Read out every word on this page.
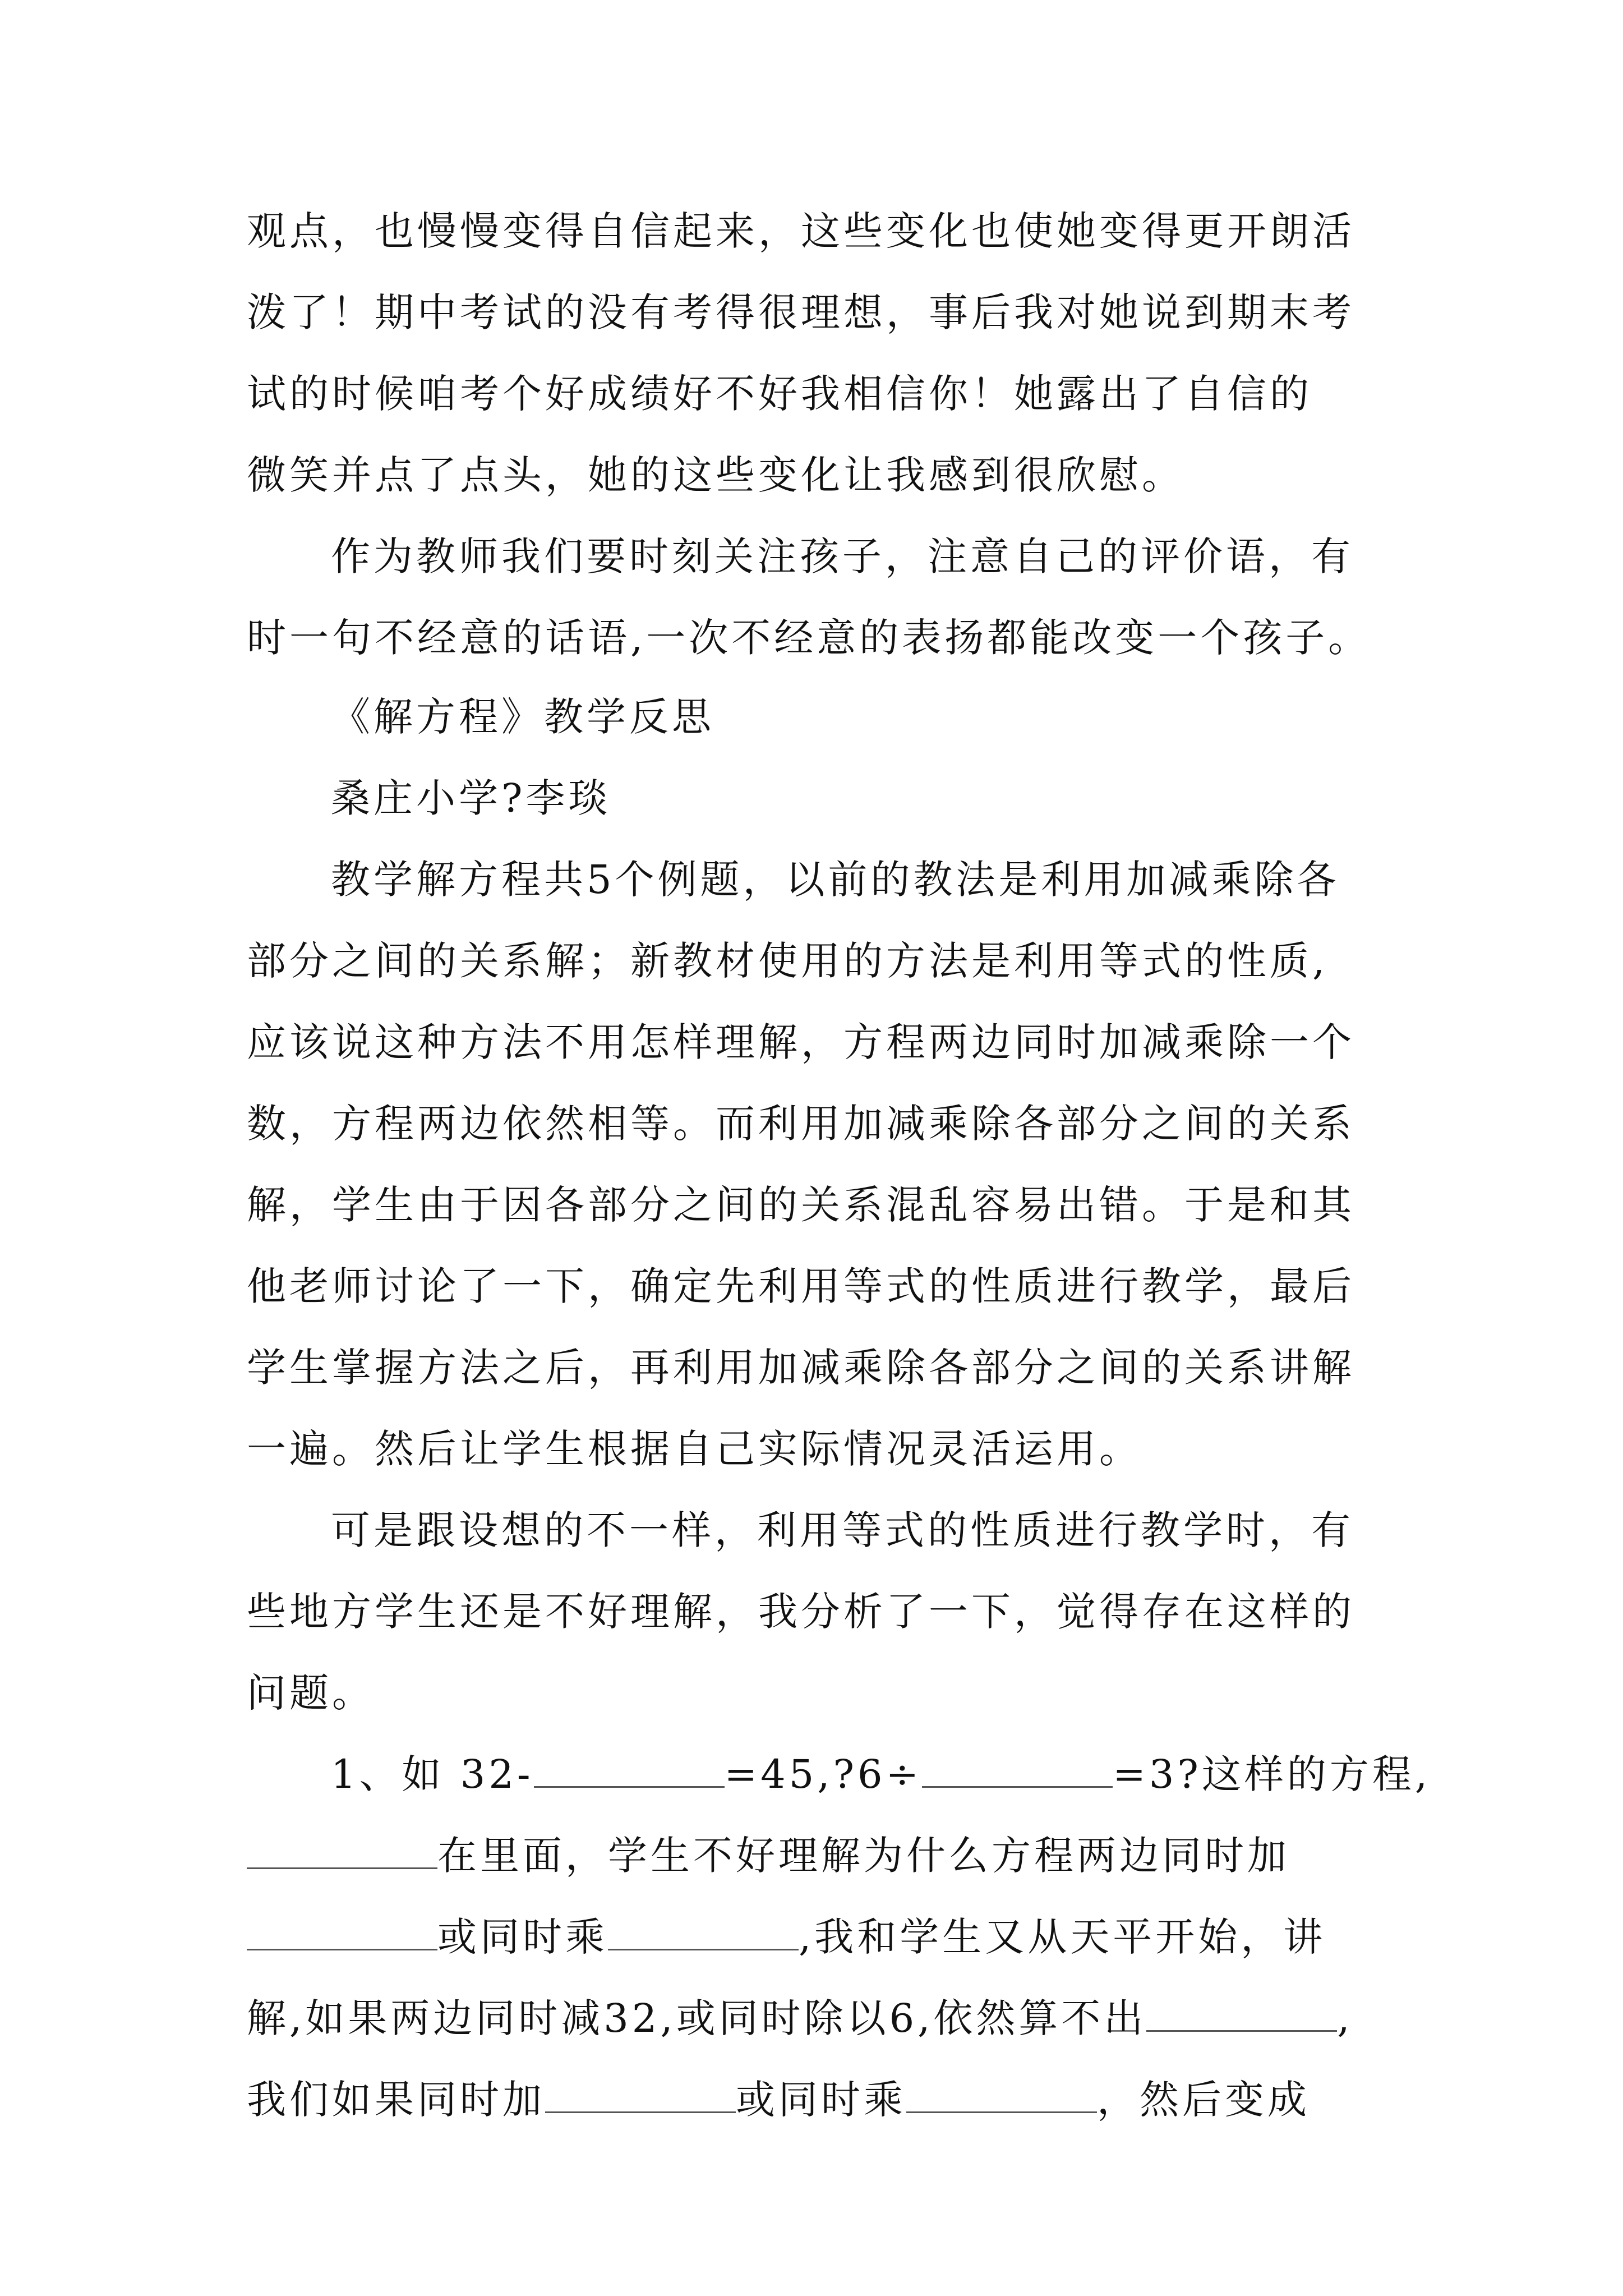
观点，也慢慢变得自信起来，这些变化也使她变得更开朗活
泼了！期中考试的没有考得很理想，事后我对她说到期末考
试的时候咱考个好成绩好不好我相信你！她露出了自信的
微笑并点了点头，她的这些变化让我感到很欣慰。
作为教师我们要时刻关注孩子，注意自己的评价语，有
时一句不经意的话语,一次不经意的表扬都能改变一个孩子。
《解方程》教学反思
桑庄小学?李琰
教学解方程共5个例题，以前的教法是利用加减乘除各
部分之间的关系解；新教材使用的方法是利用等式的性质,
应该说这种方法不用怎样理解，方程两边同时加减乘除一个
数，方程两边依然相等。而利用加减乘除各部分之间的关系
解，学生由于因各部分之间的关系混乱容易出错。于是和其
他老师讨论了一下，确定先利用等式的性质进行教学，最后
学生掌握方法之后，再利用加减乘除各部分之间的关系讲解
一遍。然后让学生根据自己实际情况灵活运用。
可是跟设想的不一样，利用等式的性质进行教学时，有
些地方学生还是不好理解，我分析了一下，觉得存在这样的
问题。
1、如 32-	=45,?6÷	=3?这样的方程,
在里面，学生不好理解为什么方程两边同时加
或同时乘	,我和学生又从天平开始，讲
解,如果两边同时减32,或同时除以6,依然算不出	,
我们如果同时加	或同时乘	，然后变成
